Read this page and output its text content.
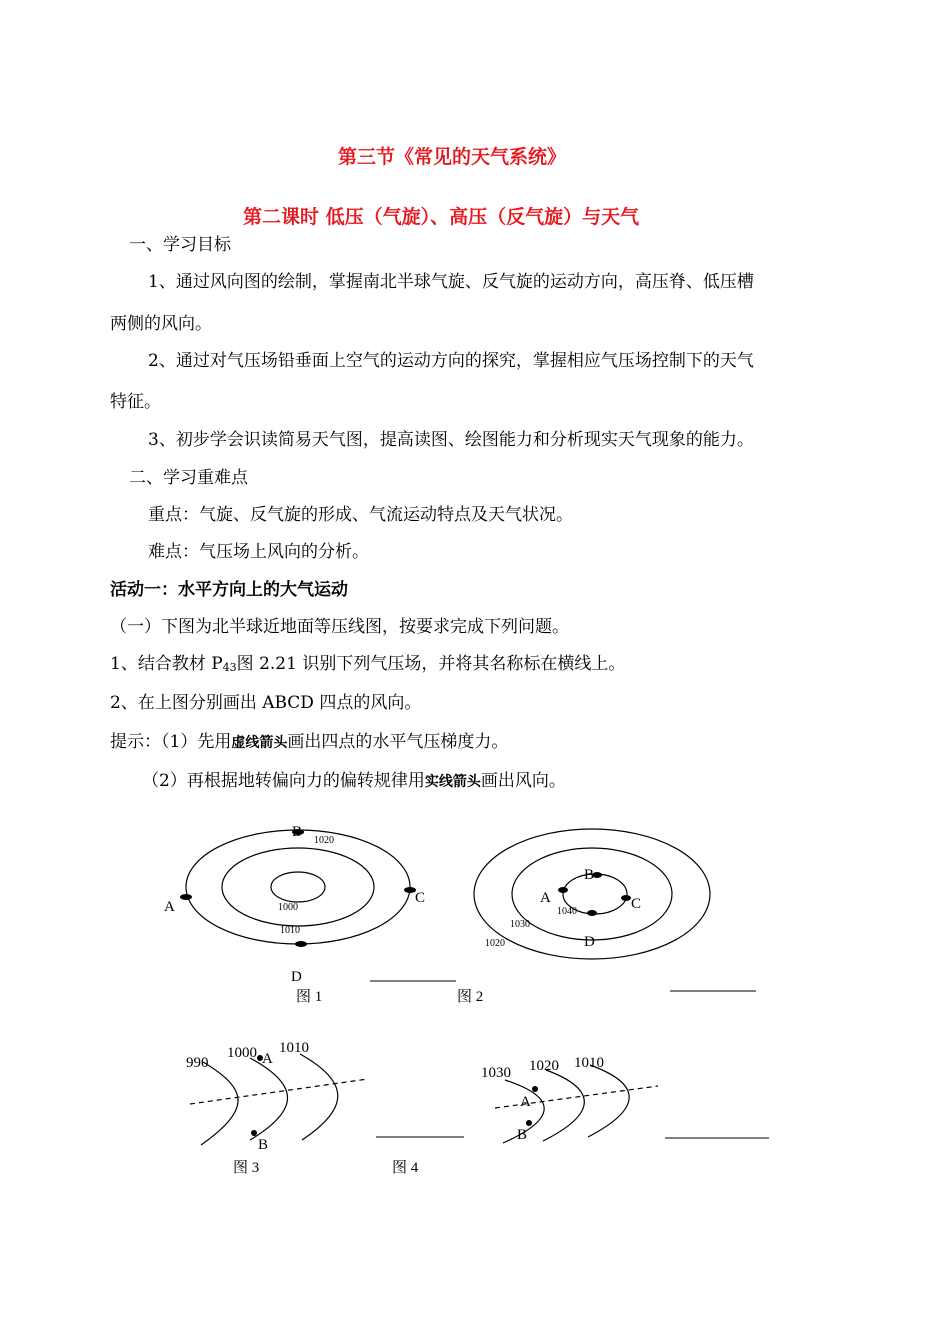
第三节《常见的天气系统》
第二课时 低压（气旋）、高压（反气旋）与天气
一、学习目标
1、通过风向图的绘制，掌握南北半球气旋、反气旋的运动方向，高压脊、低压槽
两侧的风向。
2、通过对气压场铅垂面上空气的运动方向的探究，掌握相应气压场控制下的天气
特征。
3、初步学会识读简易天气图，提高读图、绘图能力和分析现实天气现象的能力。
二、学习重难点
重点：气旋、反气旋的形成、气流运动特点及天气状况。
难点：气压场上风向的分析。
活动一：水平方向上的大气运动
（一）下图为北半球近地面等压线图，按要求完成下列问题。
1、结合教材 $P_{43}$图 2.21 识别下列气压场，并将其名称标在横线上。
2、在上图分别画出 ABCD 四点的风向。
提示：（1）先用虚线箭头画出四点的水平气压梯度力。
（2）再根据地转偏向力的偏转规律用实线箭头画出风向。
A
B
C
D
1000
1010
1020
图 1
A
B
C
D
1040
1030
1020
图 2
990
1000 1010
A
B
图 3
1030 1020 1010
A
B
图 4
